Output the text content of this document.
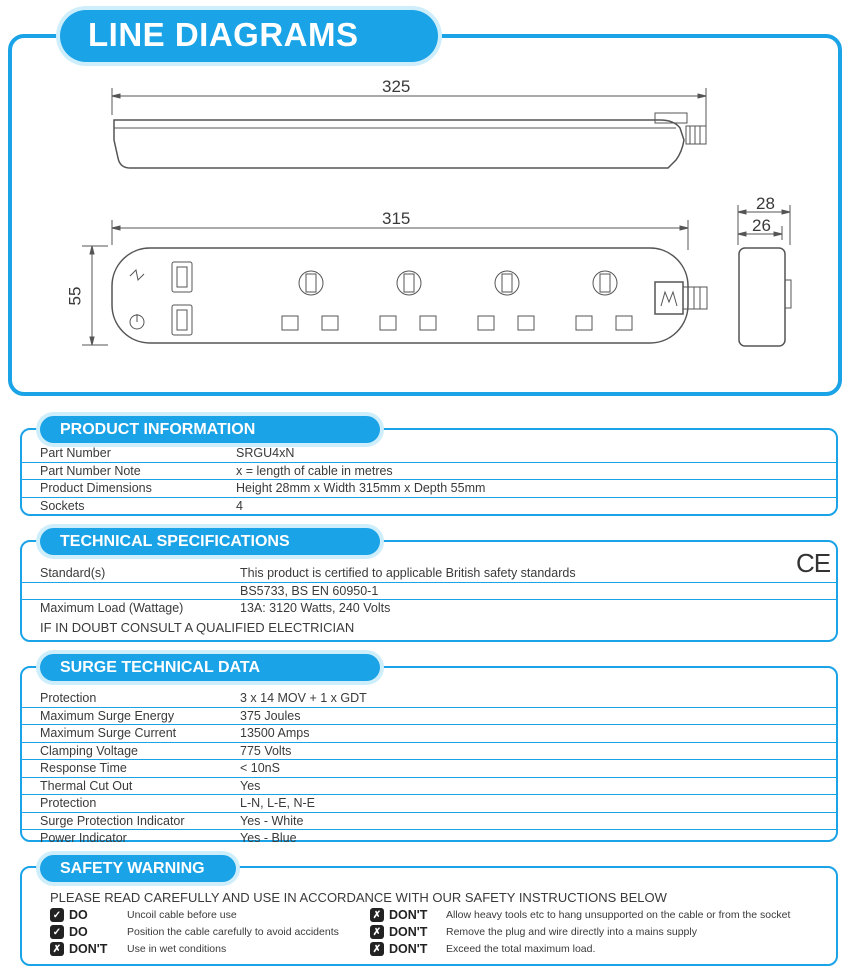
LINE DIAGRAMS
325
315
55
28
26
PRODUCT INFORMATION
Part Number	SRGU4xN
Part Number Note	x = length of cable in metres
Product Dimensions	Height 28mm x Width 315mm x Depth 55mm
Sockets	4
TECHNICAL SPECIFICATIONS
Standard(s)	This product is certified to applicable British safety standards
	BS5733, BS EN 60950-1
Maximum Load (Wattage)	13A: 3120 Watts, 240 Volts
IF IN DOUBT CONSULT A QUALIFIED ELECTRICIAN
CE
SURGE TECHNICAL DATA
Protection	3 x 14 MOV + 1 x GDT
Maximum Surge Energy	375 Joules
Maximum Surge Current	13500 Amps
Clamping Voltage	775 Volts
Response Time	< 10nS
Thermal Cut Out	Yes
Protection	L-N, L-E, N-E
Surge Protection Indicator	Yes - White
Power Indicator	Yes - Blue
SAFETY WARNING
PLEASE READ CAREFULLY AND USE IN ACCORDANCE WITH OUR SAFETY INSTRUCTIONS BELOW
✓ DO	Uncoil cable before use
✓ DO	Position the cable carefully to avoid accidents
✗ DON'T	Use in wet conditions
✗ DON'T	Allow heavy tools etc to hang unsupported on the cable or from the socket
✗ DON'T	Remove the plug and wire directly into a mains supply
✗ DON'T	Exceed the total maximum load.
